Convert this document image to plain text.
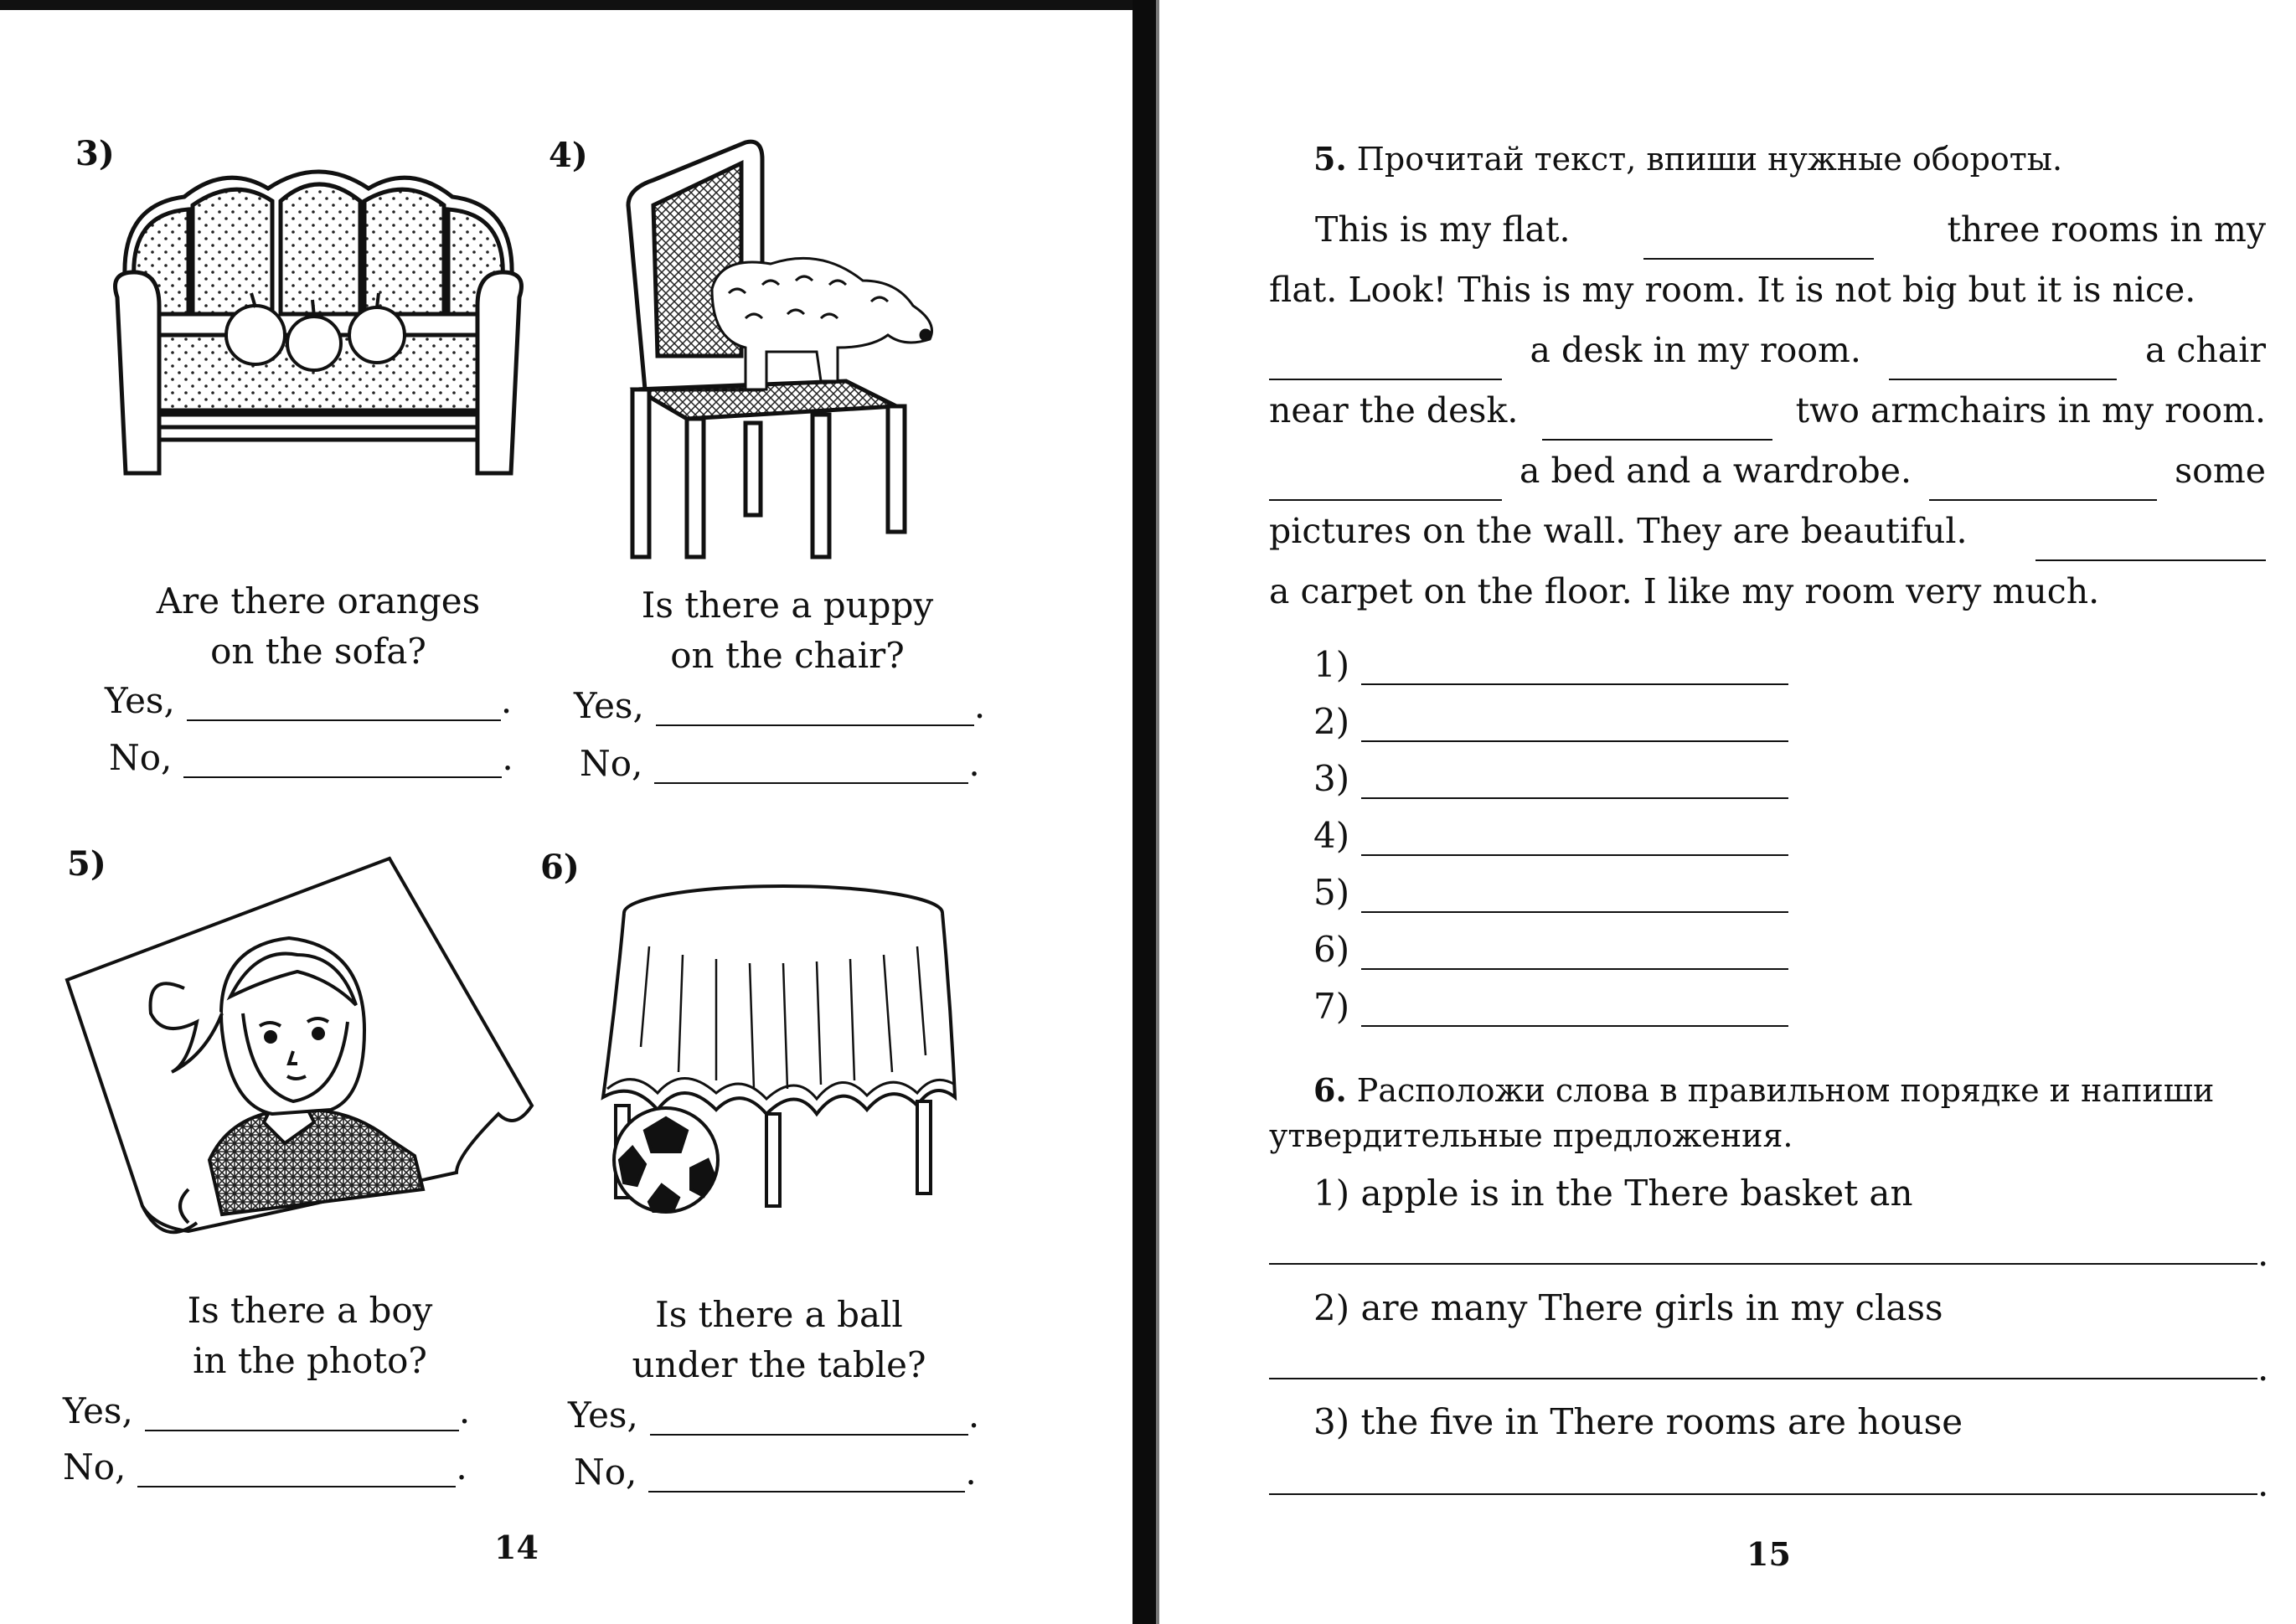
3)
Are there oranges
on the sofa?
Yes,	.
No,	.
4)
Is there a puppy
on the chair?
Yes,	.
No,	.
5)
Is there a boy
in the photo?
Yes,	.
No,	.
6)
Is there a ball
under the table?
Yes,	.
No,	.
14
5. Прочитай текст, впиши нужные обороты.
This is my flat.	three rooms in my
flat. Look! This is my room. It is not big but it is nice.
a desk in my room.	a chair
near the desk.	two armchairs in my room.
a bed and a wardrobe.	some
pictures on the wall. They are beautiful.
a carpet on the floor. I like my room very much.
1)
2)
3)
4)
5)
6)
7)
6. Расположи слова в правильном порядке и напиши
утвердительные предложения.
1) apple is in the There basket an
.
2) are many There girls in my class
.
3) the five in There rooms are house
.
15
